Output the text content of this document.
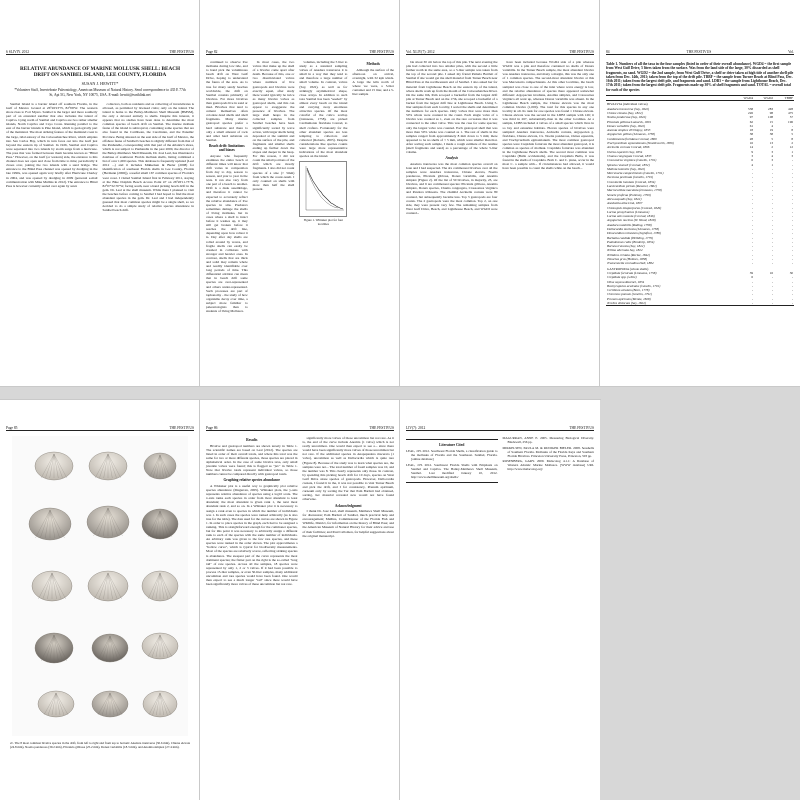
6 SLIVIY. 2012	THE FESTIVUS
RELATIVE ABUNDANCE OF MARINE MOLLUSK SHELL: BEACH DRIFT ON SANIBEL ISLAND, LEE COUNTY, FLORIDA
SUSAN J. HEWITT*
*Volunteer Staff, Invertebrate Paleontology, American Museum of Natural History. Send correspondence to 435 E 77th St, Apt 5G, New York, NY 10075, USA. E-mail: hewitt@earthlink.net

Sanibel Island is a barrier island off southern Florida, in the Gulf of Mexico located at 26°26'23"N, 82°06'W. The western shore rises to Fort Myers. Sanibel is the larger and more southerly part of an extended sandbar that also includes the island of Captiva. Lying north of Sanibel and Captiva are two rather smaller islands, North Captiva and Cayo Costa. Running parallel to the east of the barrier islands is Pine Island, which is geologically part of the mainland. The most striking feature of the mainland coast is the large, tidal estuary of the Caloosahatchee River, which empties into San Carlos Bay, which in turn faces out into the Gulf just beyond the eastern tip of Sanibel. In 1926, Sanibel and Captiva were separated into two islands by storm surge from a hurricane. The pass that was formed between them became known as "Blind Pass." However, on the Gulf (or western) side, the entrance to this channel does not open and close from time to time; periodically it closes over, joining the two islands with a sand bridge. The entrance to the Blind Pass channel was opened by dredging in the late 1990s, was opened again very briefly after Hurricane Charley in 2004, and was opened by dredging in 2009 (personal e-mail communication with Mike Mullins in 2012). The entrance to Blind Pass is however currently sealed over again by sand.

collectors, both as residents and as collecting of invertebrates is allowed, as permitted by licensed crabs; only on the island. The island is home to the Bailey-Matthews Shell Museum (BMSM), the only a devoted entirely to shells. Despite this interest, it appears that no studies have been done to determine the most common species of beach drift on Sanibel. The marine mollusk fauna of the island is subtropical, containing some species that are also found in the Caribbean, the Carolinian, and the Panamic Province. Being situated on the east side of the Gulf of Mexico, the offshore fauna of Sanibel's beaches is slightly different from that of the Panhandle, corresponding with that part of the Atlantic's shore, which is not subject to Panhandle in the past 2000, the director of the Bailey-Matthews Shell Museum, Dr. José Leal, has illustrated a database of southwest Florida mollusk shells, listing combined a list of over 1,000 species. This database is frequently updated (Leal 2012 ...) and it includes Mikkelsen & Bieler (2008) for identification of southeast Florida shells in Lee County, Florida (Hermann (2006)), a useful small 167 common species of Florida's west coast. I visited Sanibel Island first in February 2011, staying at the Blue Dolphin Beach Access Point #7 on 26°26'11.73"N, 82°07'32.70"W, facing south, near a hand picking beach drift in the gem. Dr. Leal at the shell museum. While there I planned to visit the beaches before coming to Sanibel I had hoped to find the most abundant species in the gem. Dr. Leal and I had independently guessed that most common species might be a single shell, so we decided to do a simple study of relative species abundance in Sanibel beach drift.

Page 82	THE FESTIVUS

continued to observe live mollusks during low tide, and to hand pick the voluminous beach drift on West Gulf Drive, hoping to understand the fauna of the area. As is true for many sandy beaches worldwide, the drift on Sanibel consists primarily of bivalves. Far more bivalves than gastropods live in sand or mud. Bivalves that tend to cement themselves often colonize dead shells and shell fragments. Many marine gastropod species prefer a hard substrate and there is only a small amount of rock and other hard substrate on Sanibel.

Beach drift: limitations and biases

Anyone who frequently examines the entire beach at different times will know that drift varies in composition from day to day, season to season, and year to year in the tests. It can also vary from one part of a beach to another. Drift is a dusk assemblage, and therefore it cannot be expected to accurately reflect the relative abundance of live species in situ. Predators sometimes damage the shells of living mollusks, but in cases where a shell is intact before it washes up, it may still get broken before it reaches the drift line, depending upon how robust it is. Day after day shells are rolled around by waves, and fragile shells can easily be crushed in collisions with stronger and heavier ones. In contrast, shells that are thick and solid may remain whole and readily identifiable over long periods of time. This differential attrition can mean that in beach drift some species are over-represented and others under-represented. Such processes are part of taphonomy - the study of how organisms decay over time, a subject more familiar to paleontologists than to students of living Mollusca.

In most cases, the two valves that make up the shell of a bivalve come apart after death. Because of this, one or two disarticulated valves where numbers of live gastropods and bivalves were exactly equal, after study there would typically be twice as many bivalve valves as gastropod shells, and this can appear to exaggerate the presence of bivalves. The large shell heaps in the collected samples from Sanibel beaches have been significantly sorted by wave action, with larger shells being deposited at the summit and on the surface of the pile, and fragments and smaller shells ending up further down the slopes and deeper in the heap. For this reason, I did not count the small portions of the drift which are mostly fragments. I also did not count species of a size (> 5mm) from which the count-result. I only counted on shells with more than half the shell present.

volumes, including the 5 liter to study as a standard sampling valves of Anadara transversa it is small in a way that they tend to and therefore a large number of small volume. In contrast, valves (Say, 1822), as well as for strikingly asymmetrical shape, close arrays. In addition to such taxa Sanibel has been "seeded" by almost every beach on the island and carrying away enormous attractive species. Of the most colorful of the calico scallop (Linnaeus, 1758), are picked Cardiumonia floridana Conrad, to shell crafters. Fortunately for the other abundant species are less tempting to collectors and collected (Roberts, 2005). Despite considerations like species counts were large more representative indications of the most abundant species on the island.

Figure 1. Whitaker plot for four localities
Methods

Although the surface of the afternoon on arrival, overnight, with 32 kph winds. A large the kiln north of where we were, a 5-liter container and 15 liter, and a 5-liter sample

Vol. XLIV(7): 2012	THE FESTIVUS

ble about 30 cm below the top of this pile. The next evening the pile had collected into two smaller piles, with the second a little further north in the same area, so a 5-liter sample was taken from the top of the second pile. I asked my friend Pamela Bartlett of Sanibel if she would get me shell material from Turner Beach near Blind Pass at the northwestern end of Sanibel. I also asked her for material from Lighthouse Beach on the eastern tip of the island, where shells wash up from the mouth of the Caloosahatchee River. On the same 6th, Pam scooped a bucketful from the largest drift pile at Turner Beach and on the 17th, she scooped a bucketful of a bucket from the largest drift line at Lighthouse Beach. Using 5-liter samples from each locality, I sorted the shells and determined the numbers for each species. Only valves that were more than 50% whole were counted in the count. Each single valve of a bivalve was counted as 1, even on the rare occasions that it was connected to the other valve. This was the case for some species; only the largest valve was counted. Each gastropod shell that was more than 50% whole was counted as 1. The rest of shells in the samples ranged from approximately 8 mm down to 5 mm; there appeared to be no shells of < 5 mm, which were smaller than that. After sorting such sample, I made a rough estimate of the residue (shell fragments and sand) as a percentage of the whole 5-liter volume.

Analysis

Anadara transversa was the most common species overall on Jean and I had suspected. The six commonest bivalves over all the samples were Anadara transversa, Chione elevata, Noetia ponderosa, Plicatula gibbosa, Donax variabilis, and Anomia simplex (Figure 2). Of the list of 50 bivalves, in majority, 23, are bivalves, and 6 are commonest species: Plicatula gibbosa, Anomia simplex, Donax species, Chama congregata, Crassostrea virginica and Pandora trilineata. The chamlid Arcinella cornuta were 80 counted, but subsequently became less. Top 3 gastropods are four counts. The 2 gastropods were the most common. Top 2, on one side, they were present very few. The remaining samples from West Gulf Drive, Beach, and Lighthouse Beach, and WGDI were counted...

have been included because WGD4 side of a pile whereas WGD2 was a pile and therefore contained no shells of Donax variabilis. In the Turner Beach sample, the most abundant bivalve was Anadara transversa, and many a margin, this was the only one of 1 common species. The second-most abundant bivalve at this was Mercenaria campechiensis. At this other localities, the beach sampled was close to one of the inlet where wave energy is low, and the relative abundance of species there appeared somewhat different: Argopecten irradians, Anomia simplex, and Crassostrea virginica all went up, whereas Donax variabilis was absent. In the Lighthouse Beach sample, the Chione elevata was the most common bivalve (1,000). The total for this species in any one locality in all. Its rank for one species was found 1 Chione elevata. Chione elevata was the second in the LDB3 sample with 126; it was third in 267, substantially-than in the other localities. At a sample, LDB3 included 4 valves of a small species which lives in so bay and estuarine habitats. Eleven species of bivalves were sampled: Anadara transversa, Arcinella cornuta, Argopecten g. floridana, Chione elevata, Cx. Noetia ponderosa, Ostrea equestris, and Trachycardium egmontianum. The most common gastropod species were Crepidula fornicata the most abundant gastropod, it is common as species of mollusk. Crepidula fornicata was abundant in the Lighthouse Beach shells. The second most common was Crepidula (Bulla occidentalis), and the Crepidula Bulla, it was found in the shells of Crepidula. Both C. and C. plana, occur in the most C. a sample with... If circumstances had allowed, it would have been possible to count the shells while on the beach...

84	THE FESTIVUS	Vol.
Table 1. Numbers of all the taxa in the four samples (listed in order of their overall abundance). WGD4 = the first sample from West Gulf Drive, 5 liters taken from the surface. Was from the land side of the large, 30% discarded as shell fragments, no sand. WGD2 = the 2nd sample, from West Gulf Drive, a shelf or drier taken at high tide of another shell pile taken from Dec. 14th, 2011; taken from the top of the drift pile. TBBF = the sample from Turner Beach at Blind Pass, Dec. 16th 2011; taken from the largest drift pile, and fragments and sand. LDB3 = the sample from Lighthouse Beach, Dec. 17th 2011; taken from the largest drift pile. Fragments made up 30% of shell fragments and sand. TOTAL = overall total for each of the species
	WGD4	WGD2	TBBF
BIVALVIA (individual valves)			
Anadara transversa (Say, 1822)	538	283	428
Chione elevata (Say, 1822)	226	98	475
Noetia ponderosa (Say, 1822)	97	108	57
Plicatula gibbosa Lamarck, 1801	62	15	196
Donax variabilis (Say, 1822)	61	4	-
Anomia simplex d'Orbigny, 1853	18	19	8
Argopecten gibbus (Linnaeus, 1758)	38	38	5
Cardiomonia floridana Conrad, 1869	28	5	8
Trachycardium egmontianum (Shuttleworth, 1856)	16	13	2
Arcinella cornuta Conrad, 1866	14	2	12
Ostrea equestris Say, 1834	9	3	1
Chama congregata Conrad, 1833	3	4	3
Crassostrea virginica (Gmelin, 1791)	6	3	-
Spisula raveneli (Conrad, 1832)	4	1	-
Mulinia lateralis (Say, 1822)	-	-	-
Mercenaria campechiensis (Gmelin, 1791)	-	-	-
Tucetona pectinata (Gmelin, 1791)	-	-	-
Crassinella lunulata (Conrad, 1834)	-	-	-
Laevicardium pictum (Ravenel, 1861)	-	-	-
Macrocallista maculata (Linnaeus, 1758)	-	-	-
Semele proficua (Pulteney, 1799)	-	-	-
Abra aequalis (Say, 1822)	-	-	-
Anodontia alba Link, 1807	-	-	-
Chionopsis intapurpurea (Conrad, 1849)	-	-	-
Lucina pensylvanica (Linnaeus)	-	-	-
Lucina anis nassula (Conrad, 1846)	-	-	-
Argopecten nucleus (W. Wood, 1828)	-	-	-
Anadara notabilis (Roding, 1798)	-	-	-
Dallocardia muricata (Linnaeus, 1758)	-	-	-
Dinocardium robustum (Lightfoot, 1786)	-	-	-
Barbatia candida (Helbling, 1779)	-	-	-
Pododesmus rudis (Broderip, 1834)	-	-	-
Barnea truncata (Say, 1822)	-	-	-
Tellina alternata Say, 1822	-	-	-
Tellidora cristata (Recluz, 1842)	-	-	-
Timoclea grus (Holmes, 1858)	-	-	-
Transennella conradina Dall, 1884	-	-	-
GASTROPODA (whole shells)			
Crepidula fornicata (Linnaeus, 1758)	39	16	30
Crepidula spp. (white)	6	-	-
Oliva sayana Ravenel, 1834	-	-	-
Bostrycapulus aculeatus (Gmelin, 1791)	-	-	-
Cerithium atratum (Born, 1778)	-	-	-
Chicoreus pomum (Gmelin, 1791)	-	-	-
Prunum apicinum (Menke, 1828)	-	-	-
Terebra dislocata (Say, 1822)	-	-	-
Page 85	THE FESTIVUS
2c. The 8 most common bivalve species in the drift, from left to right and from top to bottom: Anadara transversa (30.6 mm), Chione elevata (24.8 mm), Noetia ponderosa (39.2 mm), Plicatula gibbosa (25.2 mm), Donax variabilis (18.3 mm), and Anomia simplex (27.4 mm).
Page 86	THE FESTIVUS
Results

Bivalve and gastropod numbers are shown tersely in Table 1. The scientific names are based on Leal (2012). The species are listed in order of their overall totals, and where this total was the same for two or more different species, those species are placed in alphabetical order. In the case of some bivalve taxa, only small juvenile valves were found; this is flagged as "juv" in Table 1. Note that bivalve totals represent individual valves, so those numbers cannot be compared directly with gastropod totals.

Graphing relative species abundance

A Whitaker plot is a useful way to graphically plot relative species abundance (Magurran, 2005). Whitaker plots, the y-axis represents relative abundance of species using a log10 scale. The x-axis ranks each species in order from most abundant to least abundant; the most abundant is given rank 1, the next most abundant rank 2, and so on. In a Whitaker plot it is necessary to assign a rank even to species in which the number of individuals was 1. In such cases the species were ranked arbitrarily (as is also true for the table). The data used for the curves are shown in Figure 1. In order to place species in the graph, each had to be assigned a ranking. This is straightforward enough for the commoner species, but for this point it was necessary to arbitrarily assign a different rank to each of the species with the same number of individuals. An arbitrary rank was given to the few rare species, and these species were ranked in the order shown. The plot approximates a "hollow curve", which is typical for biodiversity measurements. Most of the species are relatively scarce, reflecting striking species is abundance. The steepest part of the curve represents the most dominant species; the flatter part on the right is the so-called "long tail" of rare species. Across all the samples, 18 species were represented by only 1, 2 or 3 valves. If it had been possible to process 15-liter samples, or even 50-liter samples, many additional uncommon and rare species would have been found. One would then expect to see a much longer "tail" since there would have been significantly more valves of these uncommon but not rare.

significantly more valves of those uncommon but not rare. As it is, the end of the curve include Anomia (1 valve) which is not really uncommon. One would then expect to see a... since there would have been significantly more valves of those uncommon but not rare. If the additional species in Anapaptesina macerata (1 valve), uncommon as well as Dallocardia which is quite rare (Figure 8). Because of the study was to learn what species are, the samples were not... The total number of fossil samples was 10, and the number was 8. This clearly represents only those. In contrast, by spending this picking beach drift for 10 days, species on West Gulf Drive alone species of gastropods. However, Dallocardia crenata, I found it in the, it was not possible to visit Turner Beach and pick the drift, and I for consistency, Prunum apicinum, carneum only by sorting the Tur that Pam Bartlett had obtained, sorting, her material revealed new would not have found otherwise.

Acknowledgment

I thank Dr. José Leal, shell museum, Matthews Shell Museum, for discussion; Pam Bartlett of Sanibel, much practical help and encouragement; Mullins, Commissioner of the Florida Fish and Wildlife, District, for information on the history of Blind Pass; and the American Museum of Natural History for their advice and use of their facilities; and Paul Callomon, for helpful suggestions about the original manuscript.

LIV(7): 2012	THE FESTIVUS
Literature Cited

LEAL, J.H. 2012. Southwest Florida Shells, a classification guide to the mollusks of Florida and the Southeast. Sanibel, Florida. [online database]

LEAL, J.H. 2012. Southwest Florida Shells with Emphasis on Sanibel and Captiva. The Bailey-Matthews Shell Museum, Sanibel. Last modified January 10, 2012. http://www.shellmuseum.org/shells/

MAGURRAN, ANNE E. 2005. Measuring Biological Diversity. Blackwell, 256 pp.

MIKKELSEN, PAULA M. & RUDIGER BIELER. 2008. Seashells of Southern Florida. Mollusks of the Florida Keys and Southern Florida Bivalves. Princeton University Press, Princeton, 503 pp.

ROSENBERG, GARY. 2009. Malacolog 4.1.1: A Database of Western Atlantic Marine Mollusca. [WWW database] URL http://www.malacolog.org/
